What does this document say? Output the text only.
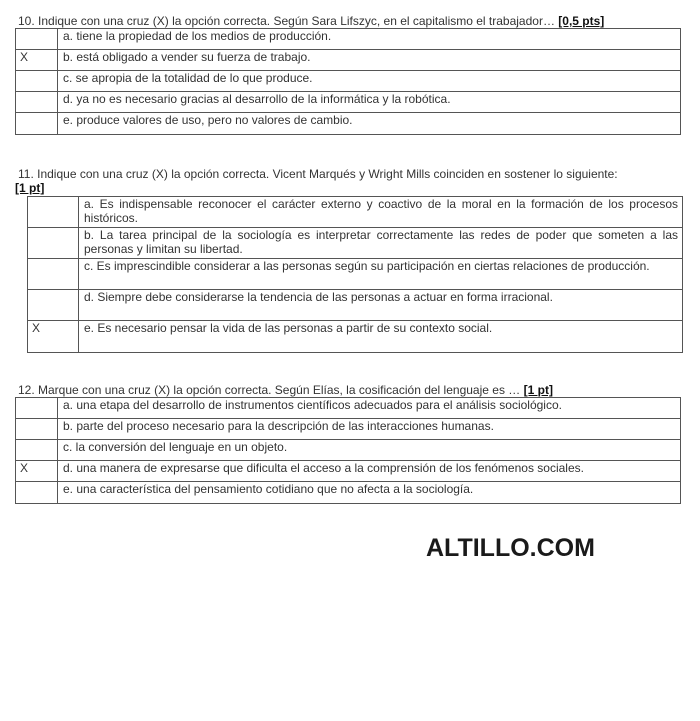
10. Indique con una cruz (X) la opción correcta. Según Sara Lifszyc, en el capitalismo el trabajador… [0,5 pts]
	a. tiene la propiedad de los medios de producción.
X	b. está obligado a vender su fuerza de trabajo.
	c. se apropia de la totalidad de lo que produce.
	d. ya no es necesario gracias al desarrollo de la informática y la robótica.
	e. produce valores de uso, pero no valores de cambio.
11. Indique con una cruz (X) la opción correcta. Vicent Marqués y Wright Mills coinciden en sostener lo siguiente:
[1 pt]
	a. Es indispensable reconocer el carácter externo y coactivo de la moral en la formación de los procesos históricos.
	b. La tarea principal de la sociología es interpretar correctamente las redes de poder que someten a las personas y limitan su libertad.
	c. Es imprescindible considerar a las personas según su participación en ciertas relaciones de producción.
	d. Siempre debe considerarse la tendencia de las personas a actuar en forma irracional.
X	e. Es necesario pensar la vida de las personas a partir de su contexto social.
12. Marque con una cruz (X) la opción correcta. Según Elías, la cosificación del lenguaje es … [1 pt]
	a. una etapa del desarrollo de instrumentos científicos adecuados para el análisis sociológico.
	b. parte del proceso necesario para la descripción de las interacciones humanas.
	c. la conversión del lenguaje en un objeto.
X	d. una manera de expresarse que dificulta el acceso a la comprensión de los fenómenos sociales.
	e. una característica del pensamiento cotidiano que no afecta a la sociología.
ALTILLO.COM
